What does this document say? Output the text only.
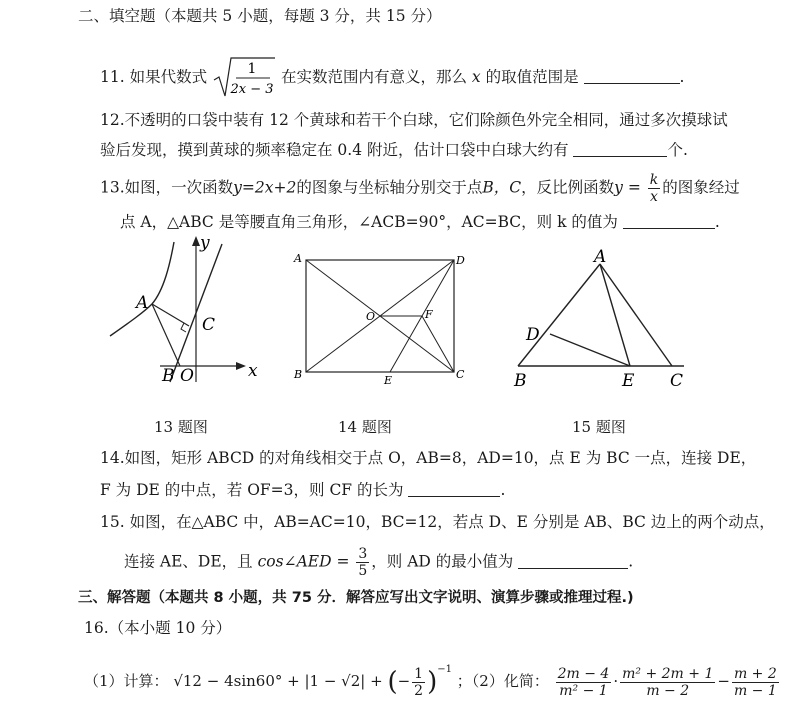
二、填空题（本题共 5 小题，每题 3 分，共 15 分）
11. 如果代数式	1
2x − 3
在实数范围内有意义，那么 x 的取值范围是	.
12.不透明的口袋中装有 12 个黄球和若干个白球，它们除颜色外完全相同，通过多次摸球试
验后发现，摸到黄球的频率稳定在 0.4 附近，估计口袋中白球大约有	个.
13.如图，一次函数y=2x+2的图象与坐标轴分别交于点B，C，反比例函数$y = \frac{k}{x}$ 的图象经过
点 A，△ABC 是等腰直角三角形，∠ACB=90°，AC=BC，则 k 的值为	.
y
x
A
C
B O
13 题图
A	D
B	C
E
F
O
14 题图
A
D
B	E C
15 题图
14.如图，矩形 ABCD 的对角线相交于点 O，AB=8，AD=10，点 E 为 BC 一点，连接 DE，
F 为 DE 的中点，若 OF=3，则 CF 的长为	.
15. 如图，在△ABC 中，AB=AC=10，BC=12，若点 D、E 分别是 AB、BC 边上的两个动点，
连接 AE、DE，且 cos∠AED = $\frac{3}{5}$ ，则 AD 的最小值为	.
三、解答题（本题共 8 小题，共 75 分．解答应写出文字说明、演算步骤或推理过程.)
16.（本小题 10 分）
（1）计算： √12 − 4sin60° + |1 − √2| + (− $\frac{1}{2} )^{-1}$ ；（2）化简： $\frac{2m - 4}{\text{m² − 1}} \cdot \frac{\text{m² + 2m + 1}}{m - 2} - \frac{m + 2}{m - 1}$
